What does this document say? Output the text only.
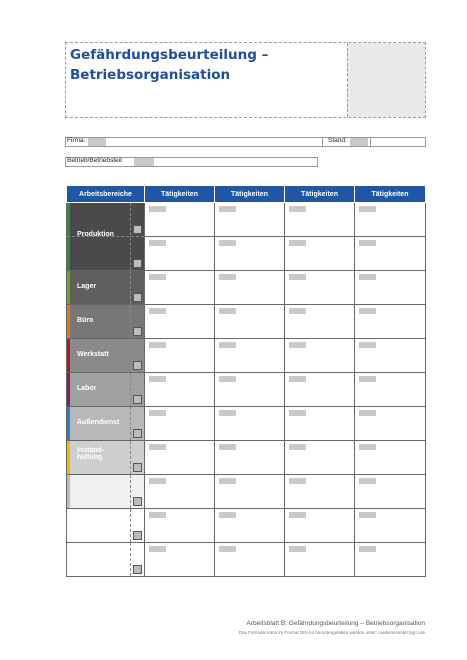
Gefährdungsbeurteilung –
Betriebsorganisation
Firma:	Stand:
Betrieb/Betriebsteil:
Arbeitsbereiche	Tätigkeiten	Tätigkeiten	Tätigkeiten	Tätigkeiten

Produktion				

Lager				

Büro				

Werkstatt				

Labor				

Außendienst				

Instand-
haltung				

Arbeitsblatt B: Gefährdungsbeurteilung – Betriebsorganisation
Das Formular kann im Format DIN A4 heruntergeladen werden unter: medienecenter.bgrci.de
